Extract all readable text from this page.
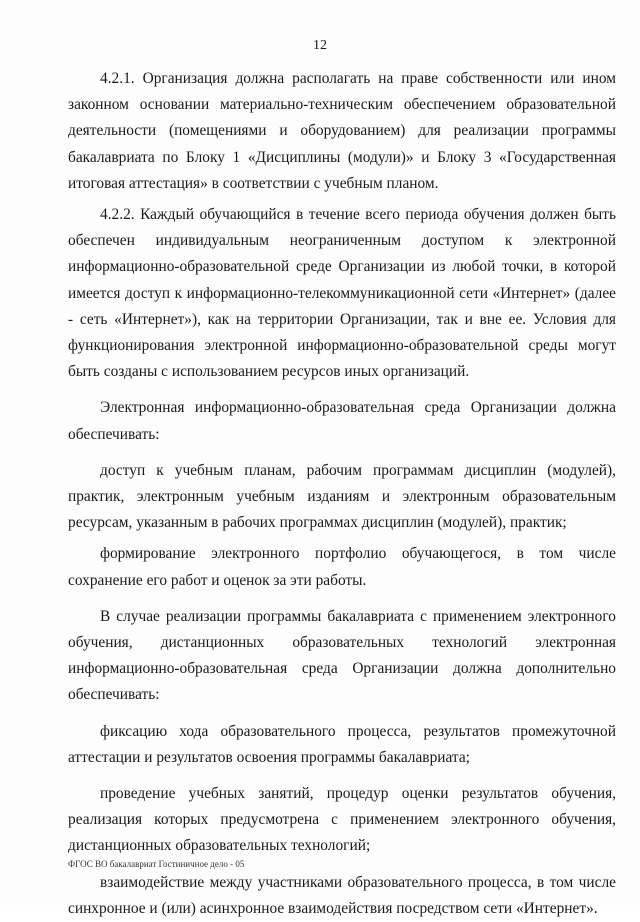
12

4.2.1. Организация должна располагать на праве собственности или ином законном основании материально-техническим обеспечением образовательной деятельности (помещениями и оборудованием) для реализации программы бакалавриата по Блоку 1 «Дисциплины (модули)» и Блоку 3 «Государственная итоговая аттестация» в соответствии с учебным планом.

4.2.2. Каждый обучающийся в течение всего периода обучения должен быть обеспечен индивидуальным неограниченным доступом к электронной информационно-образовательной среде Организации из любой точки, в которой имеется доступ к информационно-телекоммуникационной сети «Интернет» (далее - сеть «Интернет»), как на территории Организации, так и вне ее. Условия для функционирования электронной информационно-образовательной среды могут быть созданы с использованием ресурсов иных организаций.

Электронная информационно-образовательная среда Организации должна обеспечивать:

доступ к учебным планам, рабочим программам дисциплин (модулей), практик, электронным учебным изданиям и электронным образовательным ресурсам, указанным в рабочих программах дисциплин (модулей), практик;

формирование электронного портфолио обучающегося, в том числе сохранение его работ и оценок за эти работы.

В случае реализации программы бакалавриата с применением электронного обучения, дистанционных образовательных технологий электронная информационно-образовательная среда Организации должна дополнительно обеспечивать:

фиксацию хода образовательного процесса, результатов промежуточной аттестации и результатов освоения программы бакалавриата;

проведение учебных занятий, процедур оценки результатов обучения, реализация которых предусмотрена с применением электронного обучения, дистанционных образовательных технологий;

взаимодействие между участниками образовательного процесса, в том числе синхронное и (или) асинхронное взаимодействия посредством сети «Интернет».

ФГОС ВО бакалавриат Гостиничное дело - 05
